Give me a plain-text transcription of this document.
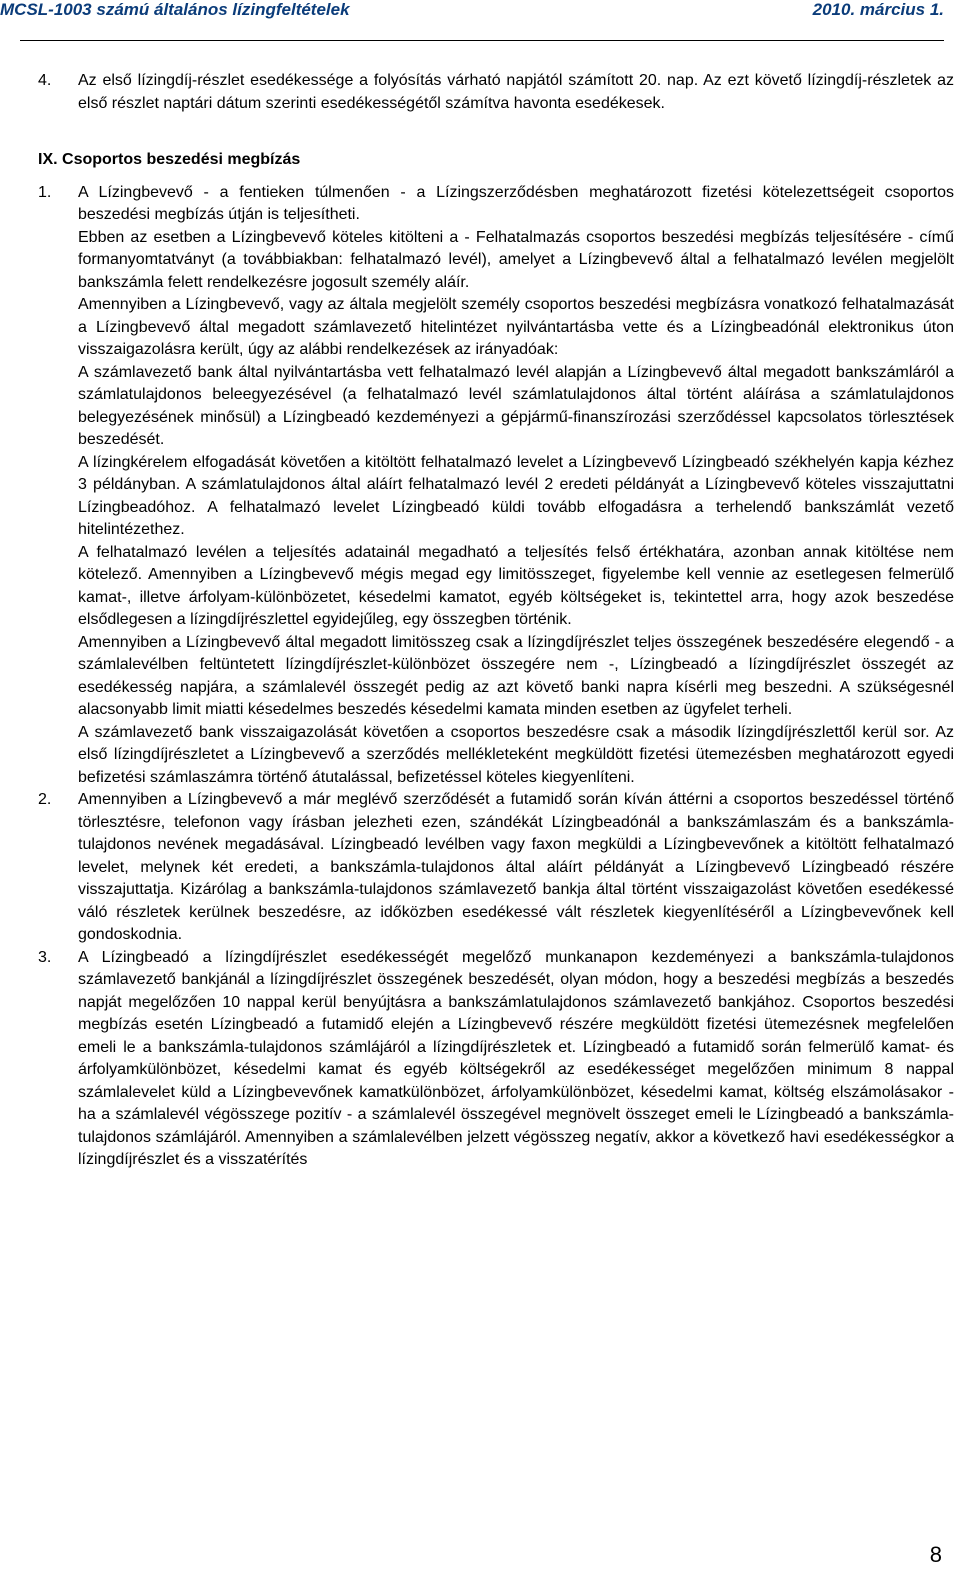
MCSL-1003 számú általános lízingfeltételek	2010. március 1.
4.	Az első lízingdíj-részlet esedékessége a folyósítás várható napjától számított 20. nap. Az ezt követő lízingdíj-részletek az első részlet naptári dátum szerinti esedékességétől számítva havonta esedékesek.

IX. Csoportos beszedési megbízás
1.	A Lízingbevevő - a fentieken túlmenően - a Lízingszerződésben meghatározott fizetési kötelezettségeit csoportos beszedési megbízás útján is teljesítheti.

Ebben az esetben a Lízingbevevő köteles kitölteni a - Felhatalmazás csoportos beszedési megbízás teljesítésére - című formanyomtatványt (a továbbiakban: felhatalmazó levél), amelyet a Lízingbevevő által a felhatalmazó levélen megjelölt bankszámla felett rendelkezésre jogosult személy aláír.

Amennyiben a Lízingbevevő, vagy az általa megjelölt személy csoportos beszedési megbízásra vonatkozó felhatalmazását a Lízingbevevő által megadott számlavezető hitelintézet nyilvántartásba vette és a Lízingbeadónál elektronikus úton visszaigazolásra került, úgy az alábbi rendelkezések az irányadóak:

A számlavezető bank által nyilvántartásba vett felhatalmazó levél alapján a Lízingbevevő által megadott bankszámláról a számlatulajdonos beleegyezésével (a felhatalmazó levél számlatulajdonos által történt aláírása a számlatulajdonos belegyezésének minősül) a Lízingbeadó kezdeményezi a gépjármű-finanszírozási szerződéssel kapcsolatos törlesztések beszedését.

A lízingkérelem elfogadását követően a kitöltött felhatalmazó levelet a Lízingbevevő Lízingbeadó székhelyén kapja kézhez 3 példányban. A számlatulajdonos által aláírt felhatalmazó levél 2 eredeti példányát a Lízingbevevő köteles visszajuttatni Lízingbeadóhoz. A felhatalmazó levelet Lízingbeadó küldi tovább elfogadásra a terhelendő bankszámlát vezető hitelintézethez.

A felhatalmazó levélen a teljesítés adatainál megadható a teljesítés felső értékhatára, azonban annak kitöltése nem kötelező. Amennyiben a Lízingbevevő mégis megad egy limitösszeget, figyelembe kell vennie az esetlegesen felmerülő kamat-, illetve árfolyam-különbözetet, késedelmi kamatot, egyéb költségeket is, tekintettel arra, hogy azok beszedése elsődlegesen a lízingdíjrészlettel egyidejűleg, egy összegben történik.

Amennyiben a Lízingbevevő által megadott limitösszeg csak a lízingdíjrészlet teljes összegének beszedésére elegendő - a számlalevélben feltüntetett lízingdíjrészlet-különbözet összegére nem -, Lízingbeadó a lízingdíjrészlet összegét az esedékesség napjára, a számlalevél összegét pedig az azt követő banki napra kísérli meg beszedni. A szükségesnél alacsonyabb limit miatti késedelmes beszedés késedelmi kamata minden esetben az ügyfelet terheli.

A számlavezető bank visszaigazolását követően a csoportos beszedésre csak a második lízingdíjrészlettől kerül sor. Az első lízingdíjrészletet a Lízingbevevő a szerződés mellékleteként megküldött fizetési ütemezésben meghatározott egyedi befizetési számlaszámra történő átutalással, befizetéssel köteles kiegyenlíteni.

2.	Amennyiben a Lízingbevevő a már meglévő szerződését a futamidő során kíván áttérni a csoportos beszedéssel történő törlesztésre, telefonon vagy írásban jelezheti ezen, szándékát Lízingbeadónál a bankszámlaszám és a bankszámla-tulajdonos nevének megadásával. Lízingbeadó levélben vagy faxon megküldi a Lízingbevevőnek a kitöltött felhatalmazó levelet, melynek két eredeti, a bankszámla-tulajdonos által aláírt példányát a Lízingbevevő Lízingbeadó részére visszajuttatja. Kizárólag a bankszámla-tulajdonos számlavezető bankja által történt visszaigazolást követően esedékessé váló részletek kerülnek beszedésre, az időközben esedékessé vált részletek kiegyenlítéséről a Lízingbevevőnek kell gondoskodnia.

3.	A Lízingbeadó a lízingdíjrészlet esedékességét megelőző munkanapon kezdeményezi a bankszámla-tulajdonos számlavezető bankjánál a lízingdíjrészlet összegének beszedését, olyan módon, hogy a beszedési megbízás a beszedés napját megelőzően 10 nappal kerül benyújtásra a bankszámlatulajdonos számlavezető bankjához. Csoportos beszedési megbízás esetén Lízingbeadó a futamidő elején a Lízingbevevő részére megküldött fizetési ütemezésnek megfelelően emeli le a bankszámla-tulajdonos számlájáról a lízingdíjrészletek et. Lízingbeadó a futamidő során felmerülő kamat- és árfolyamkülönbözet, késedelmi kamat és egyéb költségekről az esedékességet megelőzően minimum 8 nappal számlalevelet küld a Lízingbevevőnek kamatkülönbözet, árfolyamkülönbözet, késedelmi kamat, költség elszámolásakor - ha a számlalevél végösszege pozitív - a számlalevél összegével megnövelt összeget emeli le Lízingbeadó a bankszámla-tulajdonos számlájáról. Amennyiben a számlalevélben jelzett végösszeg negatív, akkor a következő havi esedékességkor a lízingdíjrészlet és a visszatérítés

8
